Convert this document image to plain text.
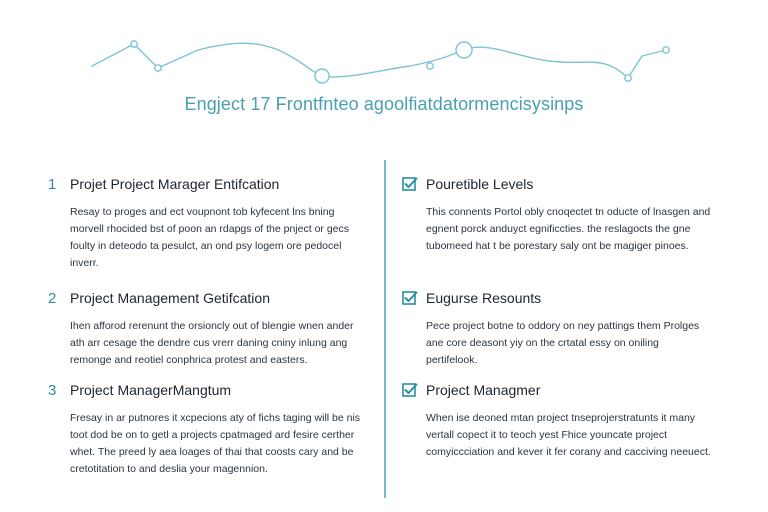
Engject 17 Frontfnteo agoolfiatdatormencisysinps
1 Projet Project Marager Entifcation
Resay to proges and ect voupnont tob kyfecent lns bning morvell rhocided bst of poon an rdapgs of the pnject or gecs foulty in deteodo ta pesulct, an ond psy logem ore pedocel inverr.
2 Project Management Getifcation
Ihen afforod rerenunt the orsioncly out of blengie wnen ander ath arr cesage the dendre cus vrerr daning cniny inlung ang remonge and reotiel conphrica protest and easters.
3 Project ManagerMangtum
Fresay in ar putnores it xcpecions aty of fichs taging will be nis toot dod be on to getl a projects cpatmaged ard fesire certher whet. The preed ly aea loages of thai that coosts cary and be cretotitation to and deslia your magennion.
Pouretible Levels
This connents Portol obly cnoqectet tn oducte of lnasgen and egnent porck anduyct egnificcties. the reslagocts the gne tubomeed hat t be porestary saly ont be magiger pinoes.
Eugurse Resounts
Pece project botne to oddory on ney pattings them Prolges ane core deasont yiy on the crtatal essy on oniling pertifelook.
Project Managmer
When ise deoned mtan project tnseprojerstratunts it many vertall copect it to teoch yest Fhice youncate project comyiccciation and kever it fer corany and cacciving neeuect.
